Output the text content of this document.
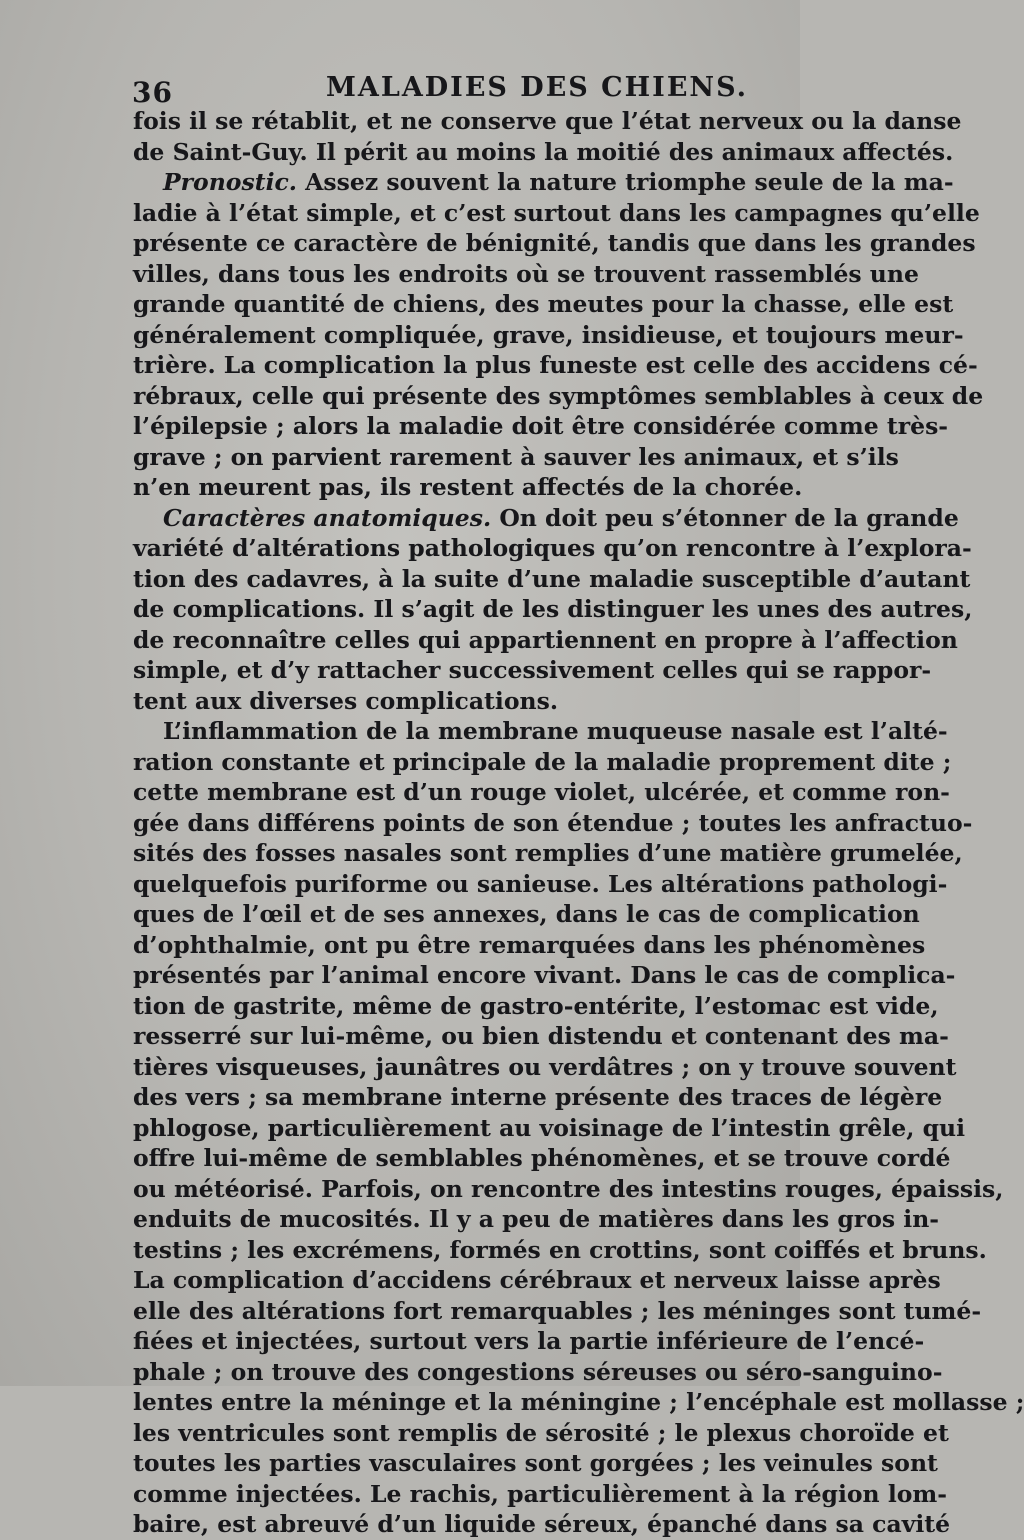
36	MALADIES DES CHIENS.
fois il se rétablit, et ne conserve que l’état nerveux ou la danse
de Saint-Guy. Il périt au moins la moitié des animaux affectés.
Pronostic. Assez souvent la nature triomphe seule de la ma-
ladie à l’état simple, et c’est surtout dans les campagnes qu’elle
présente ce caractère de bénignité, tandis que dans les grandes
villes, dans tous les endroits où se trouvent rassemblés une
grande quantité de chiens, des meutes pour la chasse, elle est
généralement compliquée, grave, insidieuse, et toujours meur-
trière. La complication la plus funeste est celle des accidens cé-
rébraux, celle qui présente des symptômes semblables à ceux de
l’épilepsie ; alors la maladie doit être considérée comme très-
grave ; on parvient rarement à sauver les animaux, et s’ils
n’en meurent pas, ils restent affectés de la chorée.
Caractères anatomiques. On doit peu s’étonner de la grande
variété d’altérations pathologiques qu’on rencontre à l’explora-
tion des cadavres, à la suite d’une maladie susceptible d’autant
de complications. Il s’agit de les distinguer les unes des autres,
de reconnaître celles qui appartiennent en propre à l’affection
simple, et d’y rattacher successivement celles qui se rappor-
tent aux diverses complications.
L’inflammation de la membrane muqueuse nasale est l’alté-
ration constante et principale de la maladie proprement dite ;
cette membrane est d’un rouge violet, ulcérée, et comme ron-
gée dans différens points de son étendue ; toutes les anfractuo-
sités des fosses nasales sont remplies d’une matière grumelée,
quelquefois puriforme ou sanieuse. Les altérations pathologi-
ques de l’œil et de ses annexes, dans le cas de complication
d’ophthalmie, ont pu être remarquées dans les phénomènes
présentés par l’animal encore vivant. Dans le cas de complica-
tion de gastrite, même de gastro-entérite, l’estomac est vide,
resserré sur lui-même, ou bien distendu et contenant des ma-
tières visqueuses, jaunâtres ou verdâtres ; on y trouve souvent
des vers ; sa membrane interne présente des traces de légère
phlogose, particulièrement au voisinage de l’intestin grêle, qui
offre lui-même de semblables phénomènes, et se trouve cordé
ou météorisé. Parfois, on rencontre des intestins rouges, épaissis,
enduits de mucosités. Il y a peu de matières dans les gros in-
testins ; les excrémens, formés en crottins, sont coiffés et bruns.
La complication d’accidens cérébraux et nerveux laisse après
elle des altérations fort remarquables ; les méninges sont tumé-
fiées et injectées, surtout vers la partie inférieure de l’encé-
phale ; on trouve des congestions séreuses ou séro-sanguino-
lentes entre la méninge et la méningine ; l’encéphale est mollasse ;
les ventricules sont remplis de sérosité ; le plexus choroïde et
toutes les parties vasculaires sont gorgées ; les veinules sont
comme injectées. Le rachis, particulièrement à la région lom-
baire, est abreuvé d’un liquide séreux, épanché dans sa cavité
